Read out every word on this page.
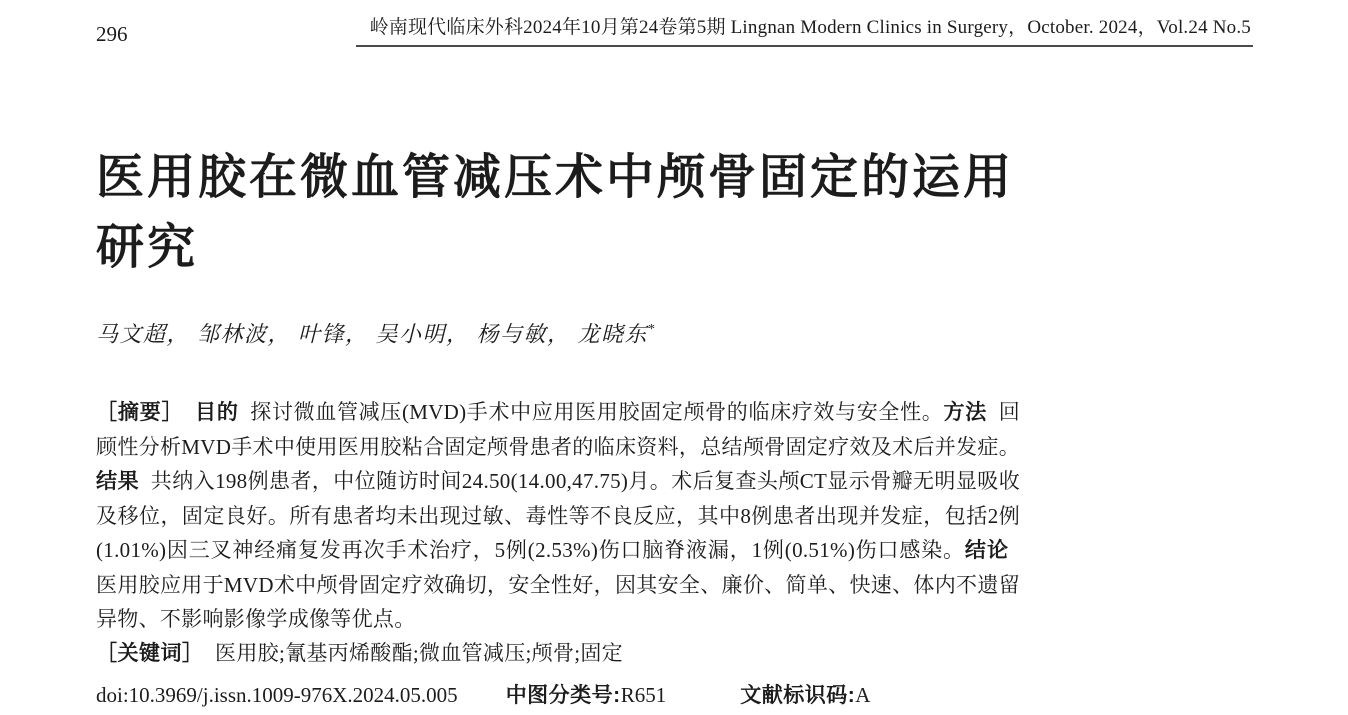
296	岭南现代临床外科2024年10月第24卷第5期 Lingnan Modern Clinics in Surgery，October. 2024，Vol.24 No.5
医用胶在微血管减压术中颅骨固定的运用研究

马文超， 邹林波， 叶锋， 吴小明， 杨与敏， 龙晓东*

［摘要］ 目的 探讨微血管减压(MVD)手术中应用医用胶固定颅骨的临床疗效与安全性。方法 回顾性分析MVD手术中使用医用胶粘合固定颅骨患者的临床资料，总结颅骨固定疗效及术后并发症。结果 共纳入198例患者，中位随访时间24.50(14.00,47.75)月。术后复查头颅CT显示骨瓣无明显吸收及移位，固定良好。所有患者均未出现过敏、毒性等不良反应，其中8例患者出现并发症，包括2例(1.01%)因三叉神经痛复发再次手术治疗，5例(2.53%)伤口脑脊液漏，1例(0.51%)伤口感染。结论医用胶应用于MVD术中颅骨固定疗效确切，安全性好，因其安全、廉价、简单、快速、体内不遗留异物、不影响影像学成像等优点。

［关键词］ 医用胶;氰基丙烯酸酯;微血管减压;颅骨;固定

doi:10.3969/j.issn.1009-976X.2024.05.005 中图分类号:R651	文献标识码:A
